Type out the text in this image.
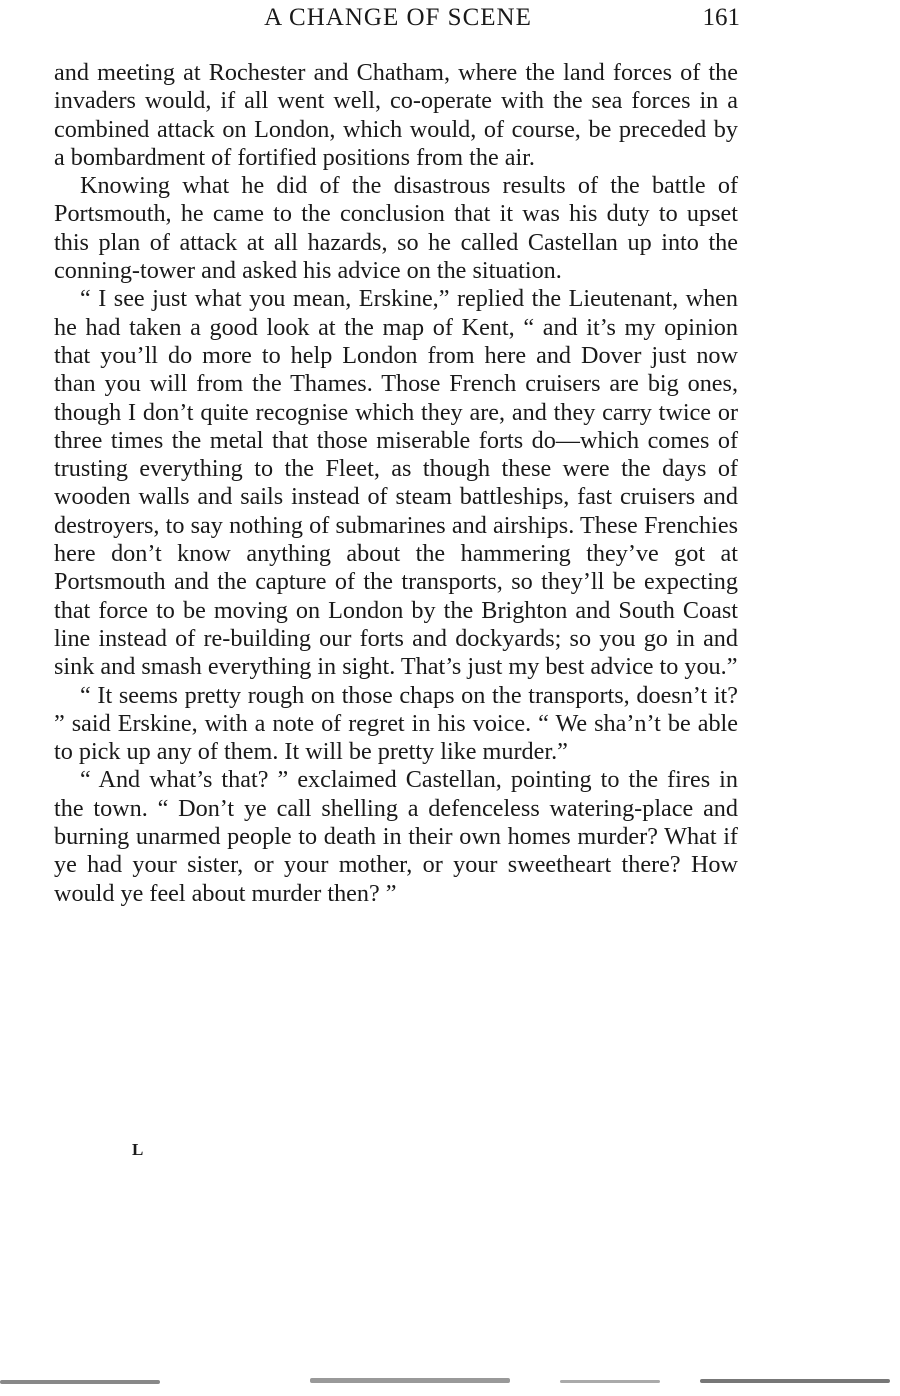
A CHANGE OF SCENE	161

and meeting at Rochester and Chatham, where the land forces of the invaders would, if all went well, co-operate with the sea forces in a combined attack on London, which would, of course, be preceded by a bombardment of fortified positions from the air.

Knowing what he did of the disastrous results of the battle of Portsmouth, he came to the conclusion that it was his duty to upset this plan of attack at all hazards, so he called Castellan up into the conning-tower and asked his advice on the situation.

“ I see just what you mean, Erskine,” replied the Lieutenant, when he had taken a good look at the map of Kent, “ and it’s my opinion that you’ll do more to help London from here and Dover just now than you will from the Thames. Those French cruisers are big ones, though I don’t quite recognise which they are, and they carry twice or three times the metal that those miserable forts do—which comes of trusting everything to the Fleet, as though these were the days of wooden walls and sails instead of steam battleships, fast cruisers and destroyers, to say nothing of submarines and airships. These Frenchies here don’t know anything about the hammering they’ve got at Portsmouth and the capture of the transports, so they’ll be expecting that force to be moving on London by the Brighton and South Coast line instead of re-building our forts and dockyards; so you go in and sink and smash everything in sight. That’s just my best advice to you.”

“ It seems pretty rough on those chaps on the transports, doesn’t it? ” said Erskine, with a note of regret in his voice. “ We sha’n’t be able to pick up any of them. It will be pretty like murder.”

“ And what’s that? ” exclaimed Castellan, pointing to the fires in the town. “ Don’t ye call shelling a defenceless watering-place and burning unarmed people to death in their own homes murder? What if ye had your sister, or your mother, or your sweetheart there? How would ye feel about murder then? ”

L
